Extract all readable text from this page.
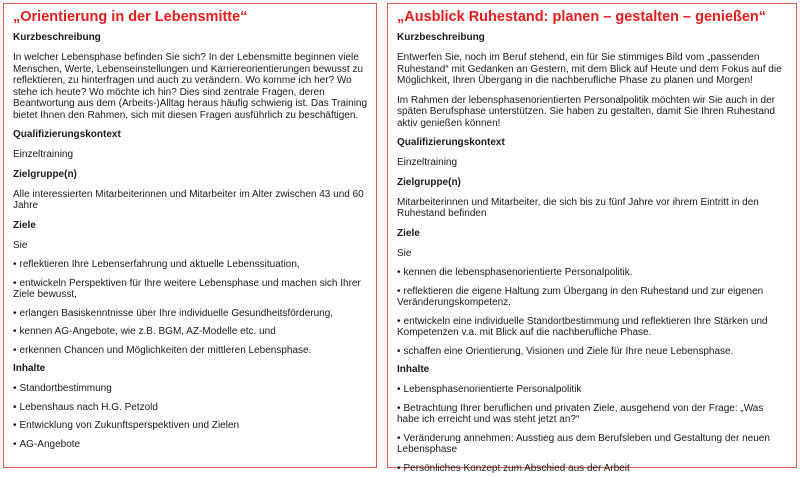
„Orientierung in der Lebensmitte“
Kurzbeschreibung
In welcher Lebensphase befinden Sie sich? In der Lebensmitte beginnen viele Menschen, Werte, Lebenseinstellungen und Karriereorientierungen bewusst zu reflektieren, zu hinterfragen und auch zu verändern. Wo komme ich her? Wo stehe ich heute? Wo möchte ich hin? Dies sind zentrale Fragen, deren Beantwortung aus dem (Arbeits-)Alltag heraus häufig schwierig ist. Das Training bietet Ihnen den Rahmen, sich mit diesen Fragen ausführlich zu beschäftigen.
Qualifizierungskontext
Einzeltraining
Zielgruppe(n)
Alle interessierten Mitarbeiterinnen und Mitarbeiter im Alter zwischen 43 und 60 Jahre
Ziele
Sie
• reflektieren Ihre Lebenserfahrung und aktuelle Lebenssituation,
• entwickeln Perspektiven für Ihre weitere Lebensphase und machen sich Ihrer Ziele bewusst,
• erlangen Basiskenntnisse über Ihre individuelle Gesundheitsförderung,
• kennen AG-Angebote, wie z.B. BGM, AZ-Modelle etc. und
• erkennen Chancen und Möglichkeiten der mittleren Lebensphase.
Inhalte
• Standortbestimmung
• Lebenshaus nach H.G. Petzold
• Entwicklung von Zukunftsperspektiven und Zielen
• AG-Angebote
„Ausblick Ruhestand: planen – gestalten – genießen“
Kurzbeschreibung
Entwerfen Sie, noch im Beruf stehend, ein für Sie stimmiges Bild vom „passenden Ruhestand“ mit Gedanken an Gestern, mit dem Blick auf Heute und dem Fokus auf die Möglichkeit, Ihren Übergang in die nachberufliche Phase zu planen und Morgen!
Im Rahmen der lebensphasenorientierten Personalpolitik möchten wir Sie auch in der späten Berufsphase unterstützen. Sie haben zu gestalten, damit Sie Ihren Ruhestand aktiv genießen können!
Qualifizierungskontext
Einzeltraining
Zielgruppe(n)
Mitarbeiterinnen und Mitarbeiter, die sich bis zu fünf Jahre vor ihrem Eintritt in den Ruhestand befinden
Ziele
Sie
• kennen die lebensphasenorientierte Personalpolitik.
• reflektieren die eigene Haltung zum Übergang in den Ruhestand und zur eigenen Veränderungskompetenz.
• entwickeln eine individuelle Standortbestimmung und reflektieren Ihre Stärken und Kompetenzen v.a. mit Blick auf die nachberufliche Phase.
• schaffen eine Orientierung, Visionen und Ziele für Ihre neue Lebensphase.
Inhalte
• Lebensphasenorientierte Personalpolitik
• Betrachtung Ihrer beruflichen und privaten Ziele, ausgehend von der Frage: „Was habe ich erreicht und was steht jetzt an?“
• Veränderung annehmen: Ausstieg aus dem Berufsleben und Gestaltung der neuen Lebensphase
• Persönliches Konzept zum Abschied aus der Arbeit
